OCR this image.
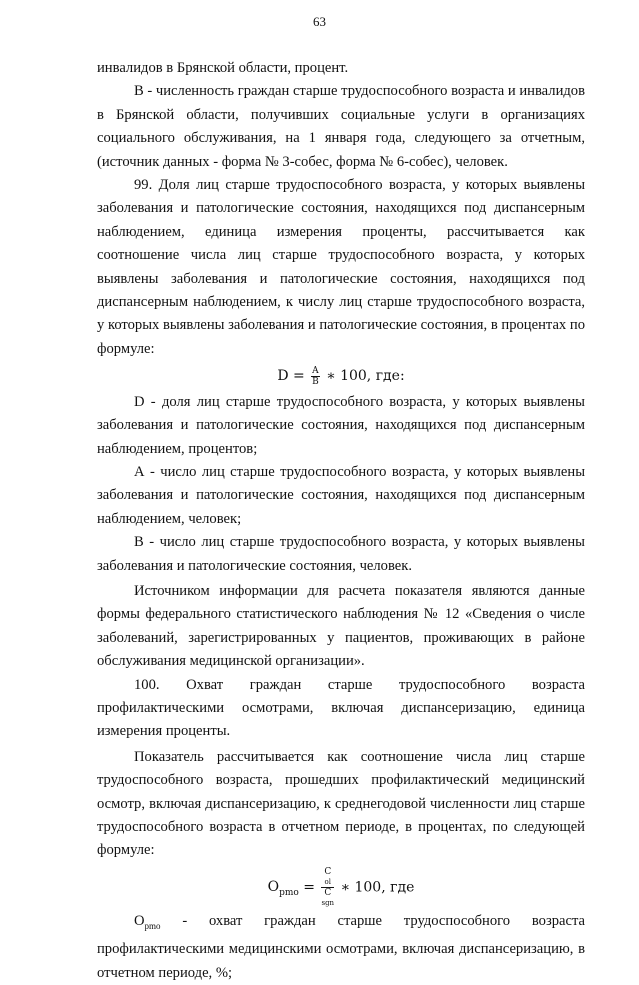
63

инвалидов в Брянской области, процент.

В - численность граждан старше трудоспособного возраста и инвалидов в Брянской области, получивших социальные услуги в организациях социального обслуживания, на 1 января года, следующего за отчетным, (источник данных - форма № 3-собес, форма № 6-собес), человек.

99. Доля лиц старше трудоспособного возраста, у которых выявлены заболевания и патологические состояния, находящихся под диспансерным наблюдением, единица измерения проценты, рассчитывается как соотношение числа лиц старше трудоспособного возраста, у которых выявлены заболевания и патологические состояния, находящихся под диспансерным наблюдением, к числу лиц старше трудоспособного возраста, у которых выявлены заболевания и патологические состояния, в процентах по формуле:

$D = \frac{A}{B}$ ∗ 100, где:

D - доля лиц старше трудоспособного возраста, у которых выявлены заболевания и патологические состояния, находящихся под диспансерным наблюдением, процентов;

А - число лиц старше трудоспособного возраста, у которых выявлены заболевания и патологические состояния, находящихся под диспансерным наблюдением, человек;

В - число лиц старше трудоспособного возраста, у которых выявлены заболевания и патологические состояния, человек.

Источником информации для расчета показателя являются данные формы федерального статистического наблюдения № 12 «Сведения о числе заболеваний, зарегистрированных у пациентов, проживающих в районе обслуживания медицинской организации».

100. Охват граждан старше трудоспособного возраста профилактическими осмотрами, включая диспансеризацию, единица измерения проценты.

Показатель рассчитывается как соотношение числа лиц старше трудоспособного возраста, прошедших профилактический медицинский осмотр, включая диспансеризацию, к среднегодовой численности лиц старше трудоспособного возраста в отчетном периоде, в процентах, по следующей формуле:

$O_{pmo} = C$
ol
C
sgn ∗ 100, где

$O_{pmo}$ - охват граждан старше трудоспособного возраста профилактическими медицинскими осмотрами, включая диспансеризацию, в отчетном периоде, %;
